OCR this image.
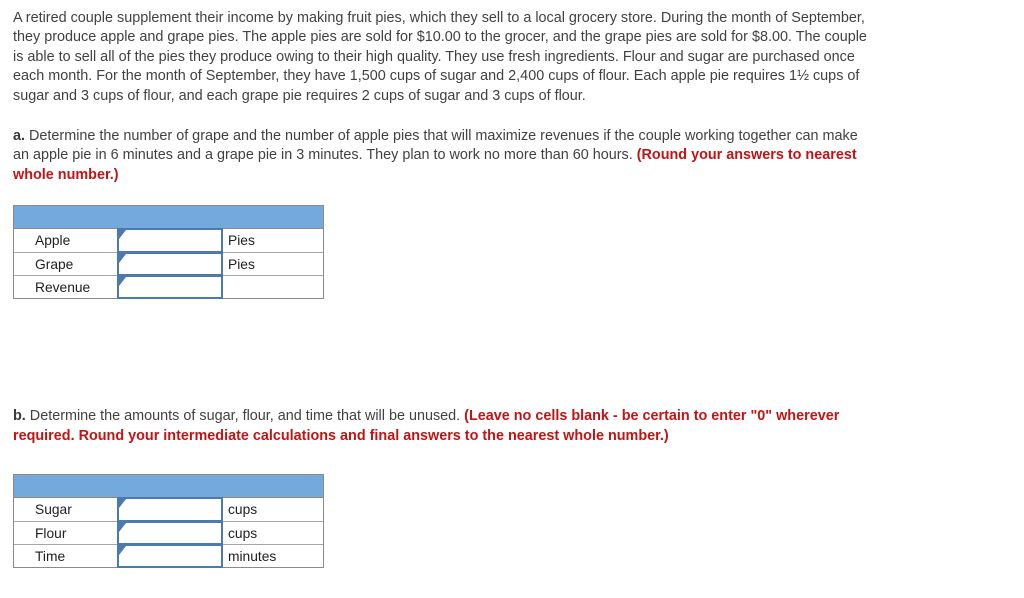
A retired couple supplement their income by making fruit pies, which they sell to a local grocery store. During the month of September,
they produce apple and grape pies. The apple pies are sold for $10.00 to the grocer, and the grape pies are sold for $8.00. The couple
is able to sell all of the pies they produce owing to their high quality. They use fresh ingredients. Flour and sugar are purchased once
each month. For the month of September, they have 1,500 cups of sugar and 2,400 cups of flour. Each apple pie requires 1½ cups of
sugar and 3 cups of flour, and each grape pie requires 2 cups of sugar and 3 cups of flour.
a. Determine the number of grape and the number of apple pies that will maximize revenues if the couple working together can make
an apple pie in 6 minutes and a grape pie in 3 minutes. They plan to work no more than 60 hours. (Round your answers to nearest
whole number.)
Apple	Pies
Grape	Pies
Revenue
b. Determine the amounts of sugar, flour, and time that will be unused. (Leave no cells blank - be certain to enter "0" wherever
required. Round your intermediate calculations and final answers to the nearest whole number.)
Sugar	cups
Flour	cups
Time	minutes
